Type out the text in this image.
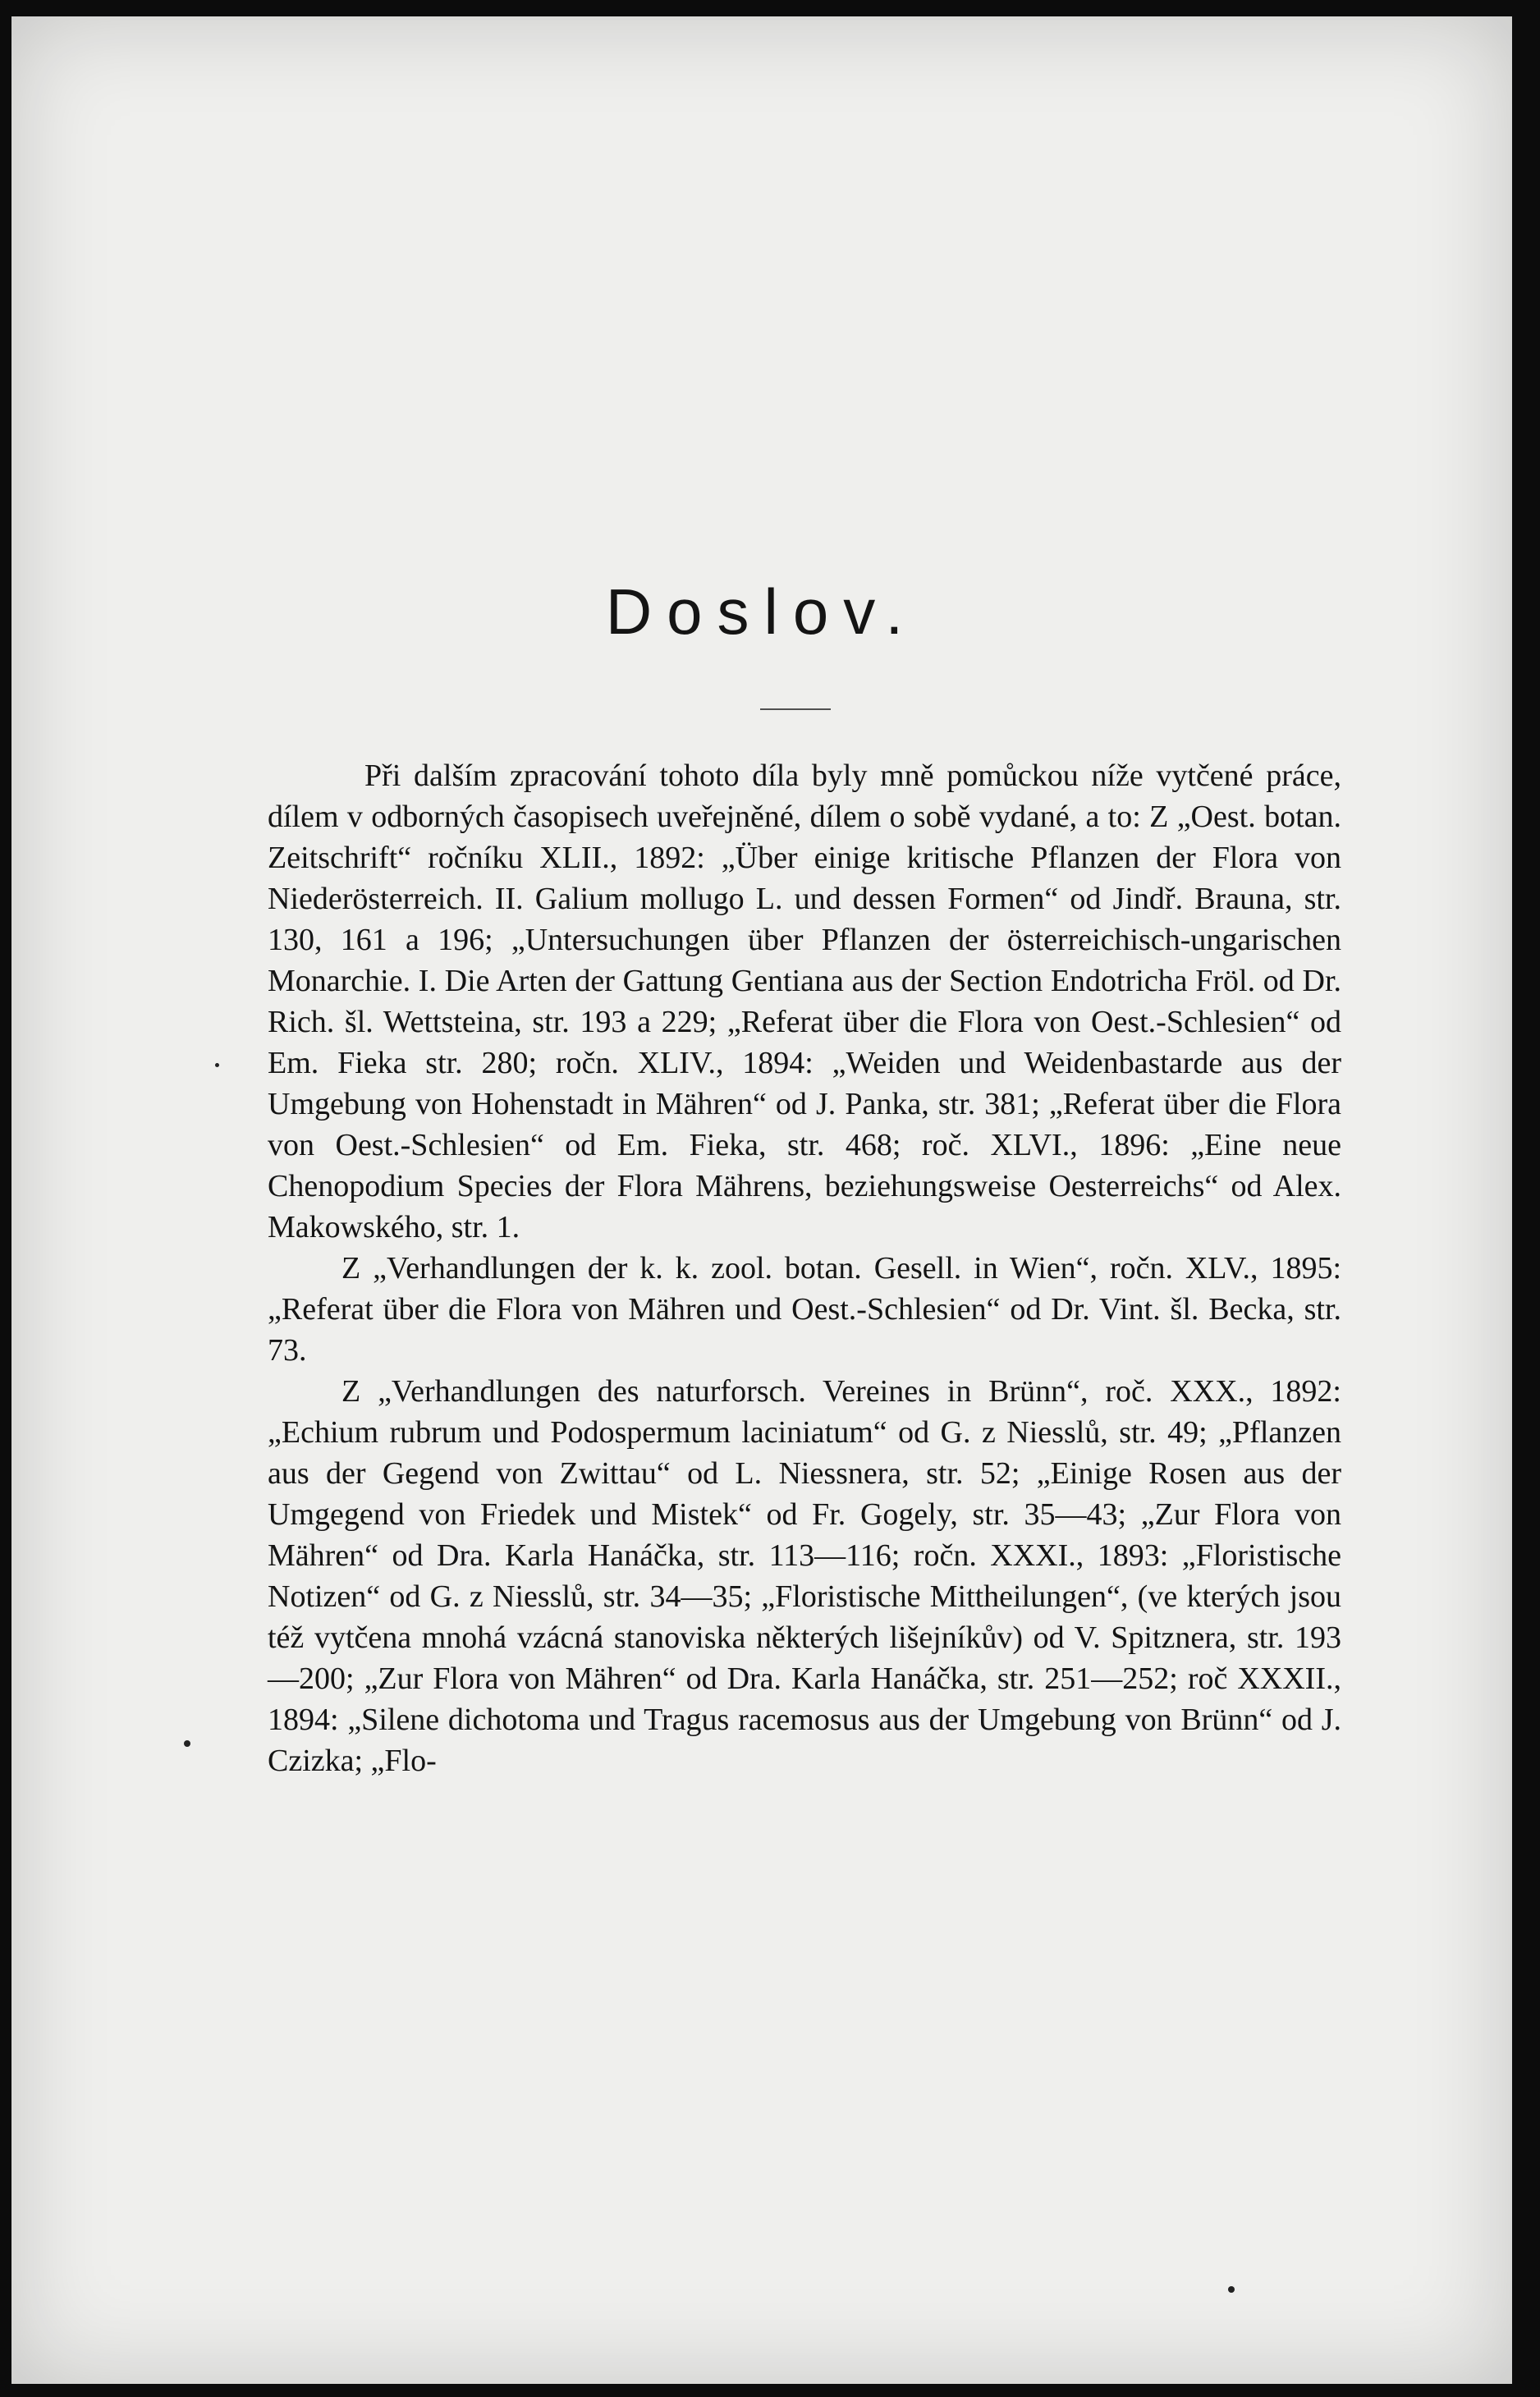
Doslov.

Při dalším zpracování tohoto díla byly mně pomůckou níže vytčené práce, dílem v odborných časopisech uveřejněné, dílem o sobě vydané, a to: Z „Oest. botan. Zeitschrift“ ročníku XLII., 1892: „Über einige kritische Pflanzen der Flora von Niederösterreich. II. Galium mollugo L. und dessen Formen“ od Jindř. Brauna, str. 130, 161 a 196; „Untersuchungen über Pflanzen der österreichisch-ungarischen Monarchie. I. Die Arten der Gattung Gentiana aus der Section Endotricha Fröl. od Dr. Rich. šl. Wettsteina, str. 193 a 229; „Referat über die Flora von Oest.-Schlesien“ od Em. Fieka str. 280; ročn. XLIV., 1894: „Weiden und Weidenbastarde aus der Umgebung von Hohenstadt in Mähren“ od J. Panka, str. 381; „Referat über die Flora von Oest.-Schlesien“ od Em. Fieka, str. 468; roč. XLVI., 1896: „Eine neue Chenopodium Species der Flora Mährens, beziehungsweise Oesterreichs“ od Alex. Makowského, str. 1.

Z „Verhandlungen der k. k. zool. botan. Gesell. in Wien“, ročn. XLV., 1895: „Referat über die Flora von Mähren und Oest.-Schlesien“ od Dr. Vint. šl. Becka, str. 73.

Z „Verhandlungen des naturforsch. Vereines in Brünn“, roč. XXX., 1892: „Echium rubrum und Podospermum laciniatum“ od G. z Niesslů, str. 49; „Pflanzen aus der Gegend von Zwittau“ od L. Niessnera, str. 52; „Einige Rosen aus der Umgegend von Friedek und Mistek“ od Fr. Gogely, str. 35—43; „Zur Flora von Mähren“ od Dra. Karla Hanáčka, str. 113—116; ročn. XXXI., 1893: „Floristische Notizen“ od G. z Niesslů, str. 34—35; „Floristische Mittheilungen“, (ve kterých jsou též vytčena mnohá vzácná stanoviska některých lišejníkův) od V. Spitznera, str. 193—200; „Zur Flora von Mähren“ od Dra. Karla Hanáčka, str. 251—252; roč XXXII., 1894: „Silene dichotoma und Tragus racemosus aus der Umgebung von Brünn“ od J. Czizka; „Flo-
